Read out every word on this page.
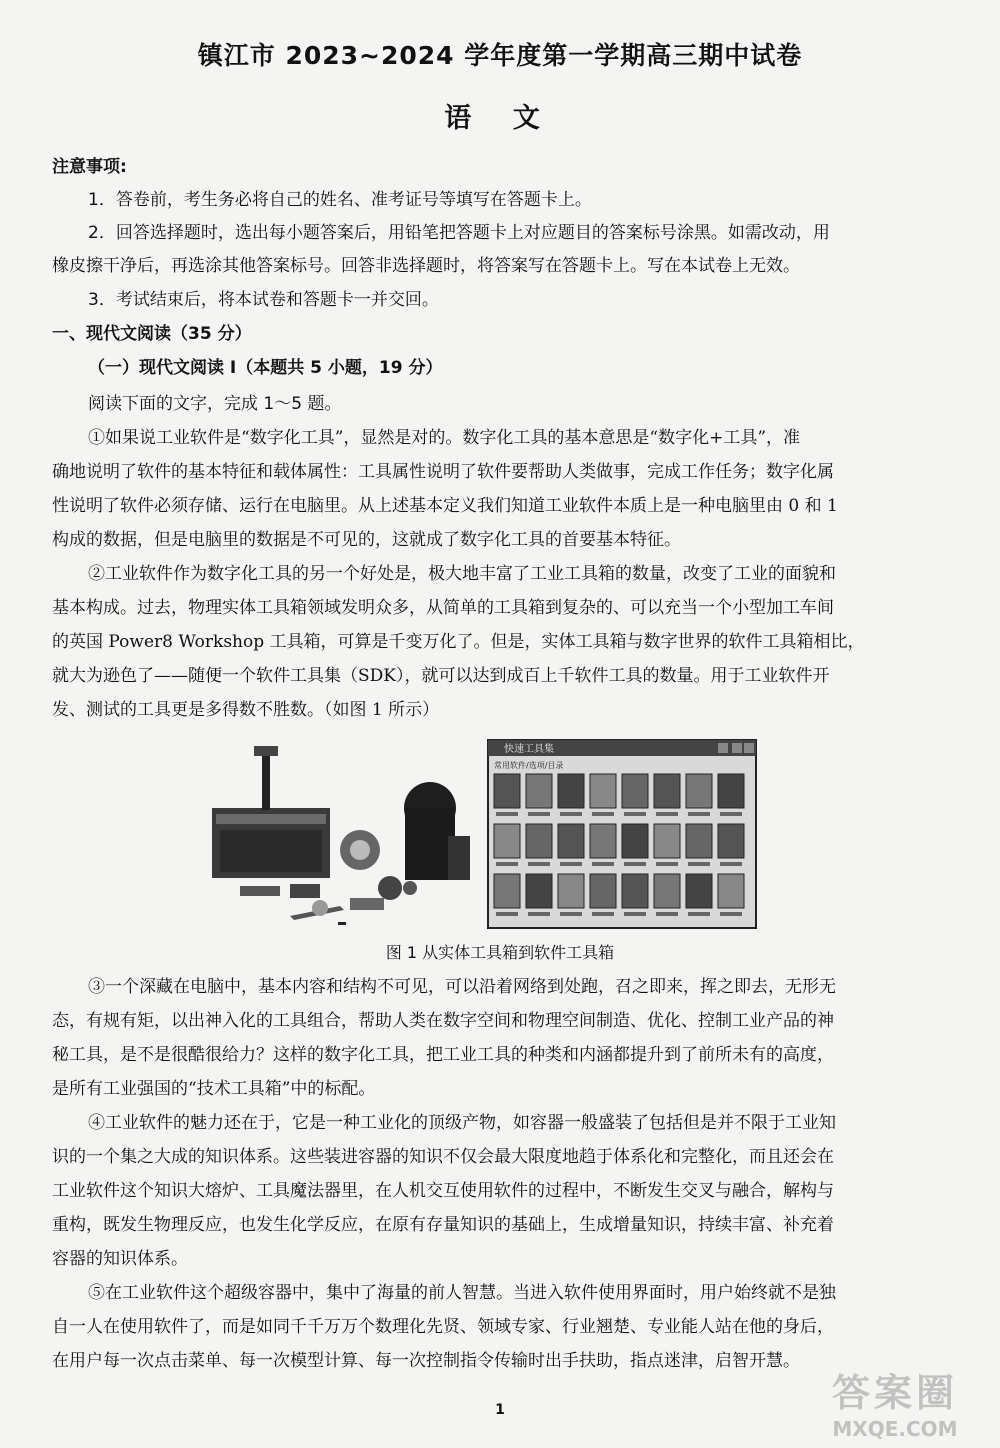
镇江市 2023~2024 学年度第一学期高三期中试卷
语 文
注意事项:
1．答卷前，考生务必将自己的姓名、准考证号等填写在答题卡上。
2．回答选择题时，选出每小题答案后，用铅笔把答题卡上对应题目的答案标号涂黑。如需改动，用
橡皮擦干净后，再选涂其他答案标号。回答非选择题时，将答案写在答题卡上。写在本试卷上无效。
3．考试结束后，将本试卷和答题卡一并交回。
一、现代文阅读（35 分）
（一）现代文阅读 I（本题共 5 小题，19 分）
阅读下面的文字，完成 1～5 题。
①如果说工业软件是“数字化工具”，显然是对的。数字化工具的基本意思是“数字化+工具”，准
确地说明了软件的基本特征和载体属性：工具属性说明了软件要帮助人类做事，完成工作任务；数字化属
性说明了软件必须存储、运行在电脑里。从上述基本定义我们知道工业软件本质上是一种电脑里由 0 和 1
构成的数据，但是电脑里的数据是不可见的，这就成了数字化工具的首要基本特征。
②工业软件作为数字化工具的另一个好处是，极大地丰富了工业工具箱的数量，改变了工业的面貌和
基本构成。过去，物理实体工具箱领域发明众多，从简单的工具箱到复杂的、可以充当一个小型加工车间
的英国 Power8 Workshop 工具箱，可算是千变万化了。但是，实体工具箱与数字世界的软件工具箱相比，
就大为逊色了——随便一个软件工具集（SDK），就可以达到成百上千软件工具的数量。用于工业软件开
发、测试的工具更是多得数不胜数。（如图 1 所示）
快速工具集
常用软件/选项/目录
图 1 从实体工具箱到软件工具箱
③一个深藏在电脑中，基本内容和结构不可见，可以沿着网络到处跑，召之即来，挥之即去，无形无
态，有规有矩，以出神入化的工具组合，帮助人类在数字空间和物理空间制造、优化、控制工业产品的神
秘工具，是不是很酷很给力？这样的数字化工具，把工业工具的种类和内涵都提升到了前所未有的高度，
是所有工业强国的“技术工具箱”中的标配。
④工业软件的魅力还在于，它是一种工业化的顶级产物，如容器一般盛装了包括但是并不限于工业知
识的一个集之大成的知识体系。这些装进容器的知识不仅会最大限度地趋于体系化和完整化，而且还会在
工业软件这个知识大熔炉、工具魔法器里，在人机交互使用软件的过程中，不断发生交叉与融合，解构与
重构，既发生物理反应，也发生化学反应，在原有存量知识的基础上，生成增量知识，持续丰富、补充着
容器的知识体系。
⑤在工业软件这个超级容器中，集中了海量的前人智慧。当进入软件使用界面时，用户始终就不是独
自一人在使用软件了，而是如同千千万万个数理化先贤、领域专家、行业翘楚、专业能人站在他的身后，
在用户每一次点击菜单、每一次模型计算、每一次控制指令传输时出手扶助，指点迷津，启智开慧。
1	答案圈
MXQE.COM
